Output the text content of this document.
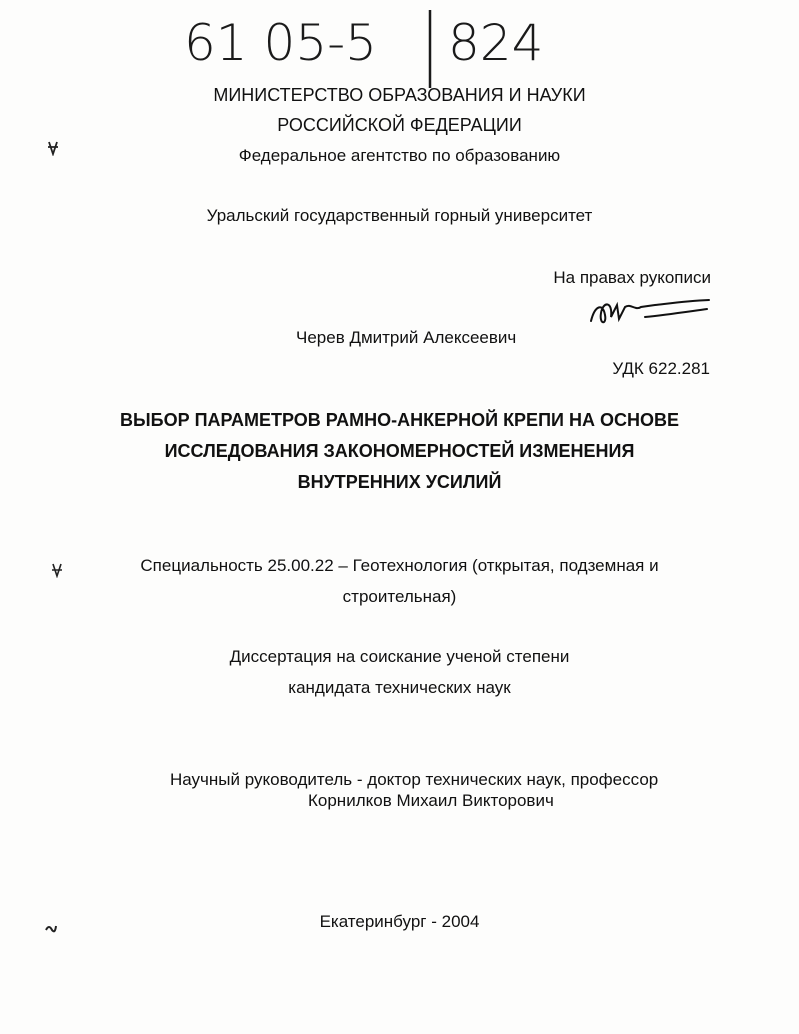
61 05-5 824
МИНИСТЕРСТВО ОБРАЗОВАНИЯ И НАУКИ
РОССИЙСКОЙ ФЕДЕРАЦИИ
Федеральное агентство по образованию
Уральский государственный горный университет
На правах рукописи
Черев Дмитрий Алексеевич
УДК 622.281
ВЫБОР ПАРАМЕТРОВ РАМНО-АНКЕРНОЙ КРЕПИ НА ОСНОВЕ
ИССЛЕДОВАНИЯ ЗАКОНОМЕРНОСТЕЙ ИЗМЕНЕНИЯ
ВНУТРЕННИХ УСИЛИЙ
Специальность 25.00.22 – Геотехнология (открытая, подземная и
строительная)
Диссертация на соискание ученой степени
кандидата технических наук
Научный руководитель - доктор технических наук, профессор
Корнилков Михаил Викторович
Екатеринбург - 2004
